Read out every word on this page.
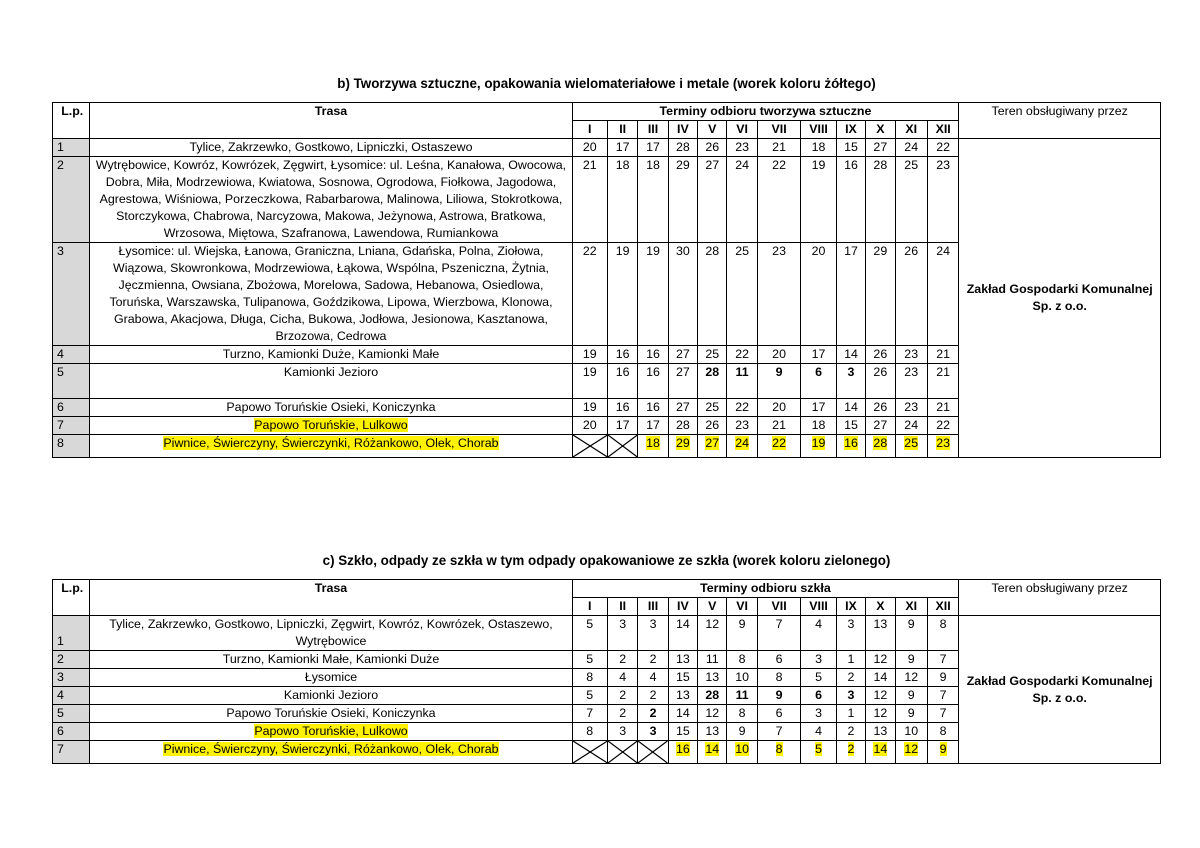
b) Tworzywa sztuczne, opakowania wielomateriałowe i metale (worek koloru żółtego)
L.p.	Trasa	Terminy odbioru tworzywa sztuczne												Teren obsługiwany przez
		I	II	III	IV	V	VI	VII	VIII	IX	X	XI	XII	
1	Tylice, Zakrzewko, Gostkowo, Lipniczki, Ostaszewo	20	17	17	28	26	23	21	18	15	27	24	22	Zakład Gospodarki Komunalnej Sp. z o.o.
2	Wytrębowice, Kowróz, Kowrózek, Zęgwirt, Łysomice: ul. Leśna, Kanałowa, Owocowa, Dobra, Miła, Modrzewiowa, Kwiatowa, Sosnowa, Ogrodowa, Fiołkowa, Jagodowa, Agrestowa, Wiśniowa, Porzeczkowa, Rabarbarowa, Malinowa, Liliowa, Stokrotkowa, Storczykowa, Chabrowa, Narcyzowa, Makowa, Jeżynowa, Astrowa, Bratkowa, Wrzosowa, Miętowa, Szafranowa, Lawendowa, Rumiankowa	21	18	18	29	27	24	22	19	16	28	25	23	
3	Łysomice: ul. Wiejska, Łanowa, Graniczna, Lniana, Gdańska, Polna, Ziołowa, Wiązowa, Skowronkowa, Modrzewiowa, Łąkowa, Wspólna, Pszeniczna, Żytnia, Jęczmienna, Owsiana, Zbożowa, Morelowa, Sadowa, Hebanowa, Osiedlowa, Toruńska, Warszawska, Tulipanowa, Goździkowa, Lipowa, Wierzbowa, Klonowa, Grabowa, Akacjowa, Długa, Cicha, Bukowa, Jodłowa, Jesionowa, Kasztanowa, Brzozowa, Cedrowa	22	19	19	30	28	25	23	20	17	29	26	24	
4	Turzno, Kamionki Duże, Kamionki Małe	19	16	16	27	25	22	20	17	14	26	23	21	
5	Kamionki Jezioro	19	16	16	27	28	11	9	6	3	26	23	21	
6	Papowo Toruńskie Osieki, Koniczynka	19	16	16	27	25	22	20	17	14	26	23	21	
7	Papowo Toruńskie, Lulkowo	20	17	17	28	26	23	21	18	15	27	24	22	
8	Piwnice, Świerczyny, Świerczynki, Różankowo, Olek, Chorab			18	29	27	24	22	19	16	28	25	23	
c) Szkło, odpady ze szkła w tym odpady opakowaniowe ze szkła (worek koloru zielonego)
L.p.	Trasa	Terminy odbioru szkła												Teren obsługiwany przez
		I	II	III	IV	V	VI	VII	VIII	IX	X	XI	XII	
1	Tylice, Zakrzewko, Gostkowo, Lipniczki, Zęgwirt, Kowróz, Kowrózek, Ostaszewo, Wytrębowice	5	3	3	14	12	9	7	4	3	13	9	8	Zakład Gospodarki Komunalnej Sp. z o.o.
2	Turzno, Kamionki Małe, Kamionki Duże	5	2	2	13	11	8	6	3	1	12	9	7	
3	Łysomice	8	4	4	15	13	10	8	5	2	14	12	9	
4	Kamionki Jezioro	5	2	2	13	28	11	9	6	3	12	9	7	
5	Papowo Toruńskie Osieki, Koniczynka	7	2	2	14	12	8	6	3	1	12	9	7	
6	Papowo Toruńskie, Lulkowo	8	3	3	15	13	9	7	4	2	13	10	8	
7	Piwnice, Świerczyny, Świerczynki, Różankowo, Olek, Chorab				16	14	10	8	5	2	14	12	9	
